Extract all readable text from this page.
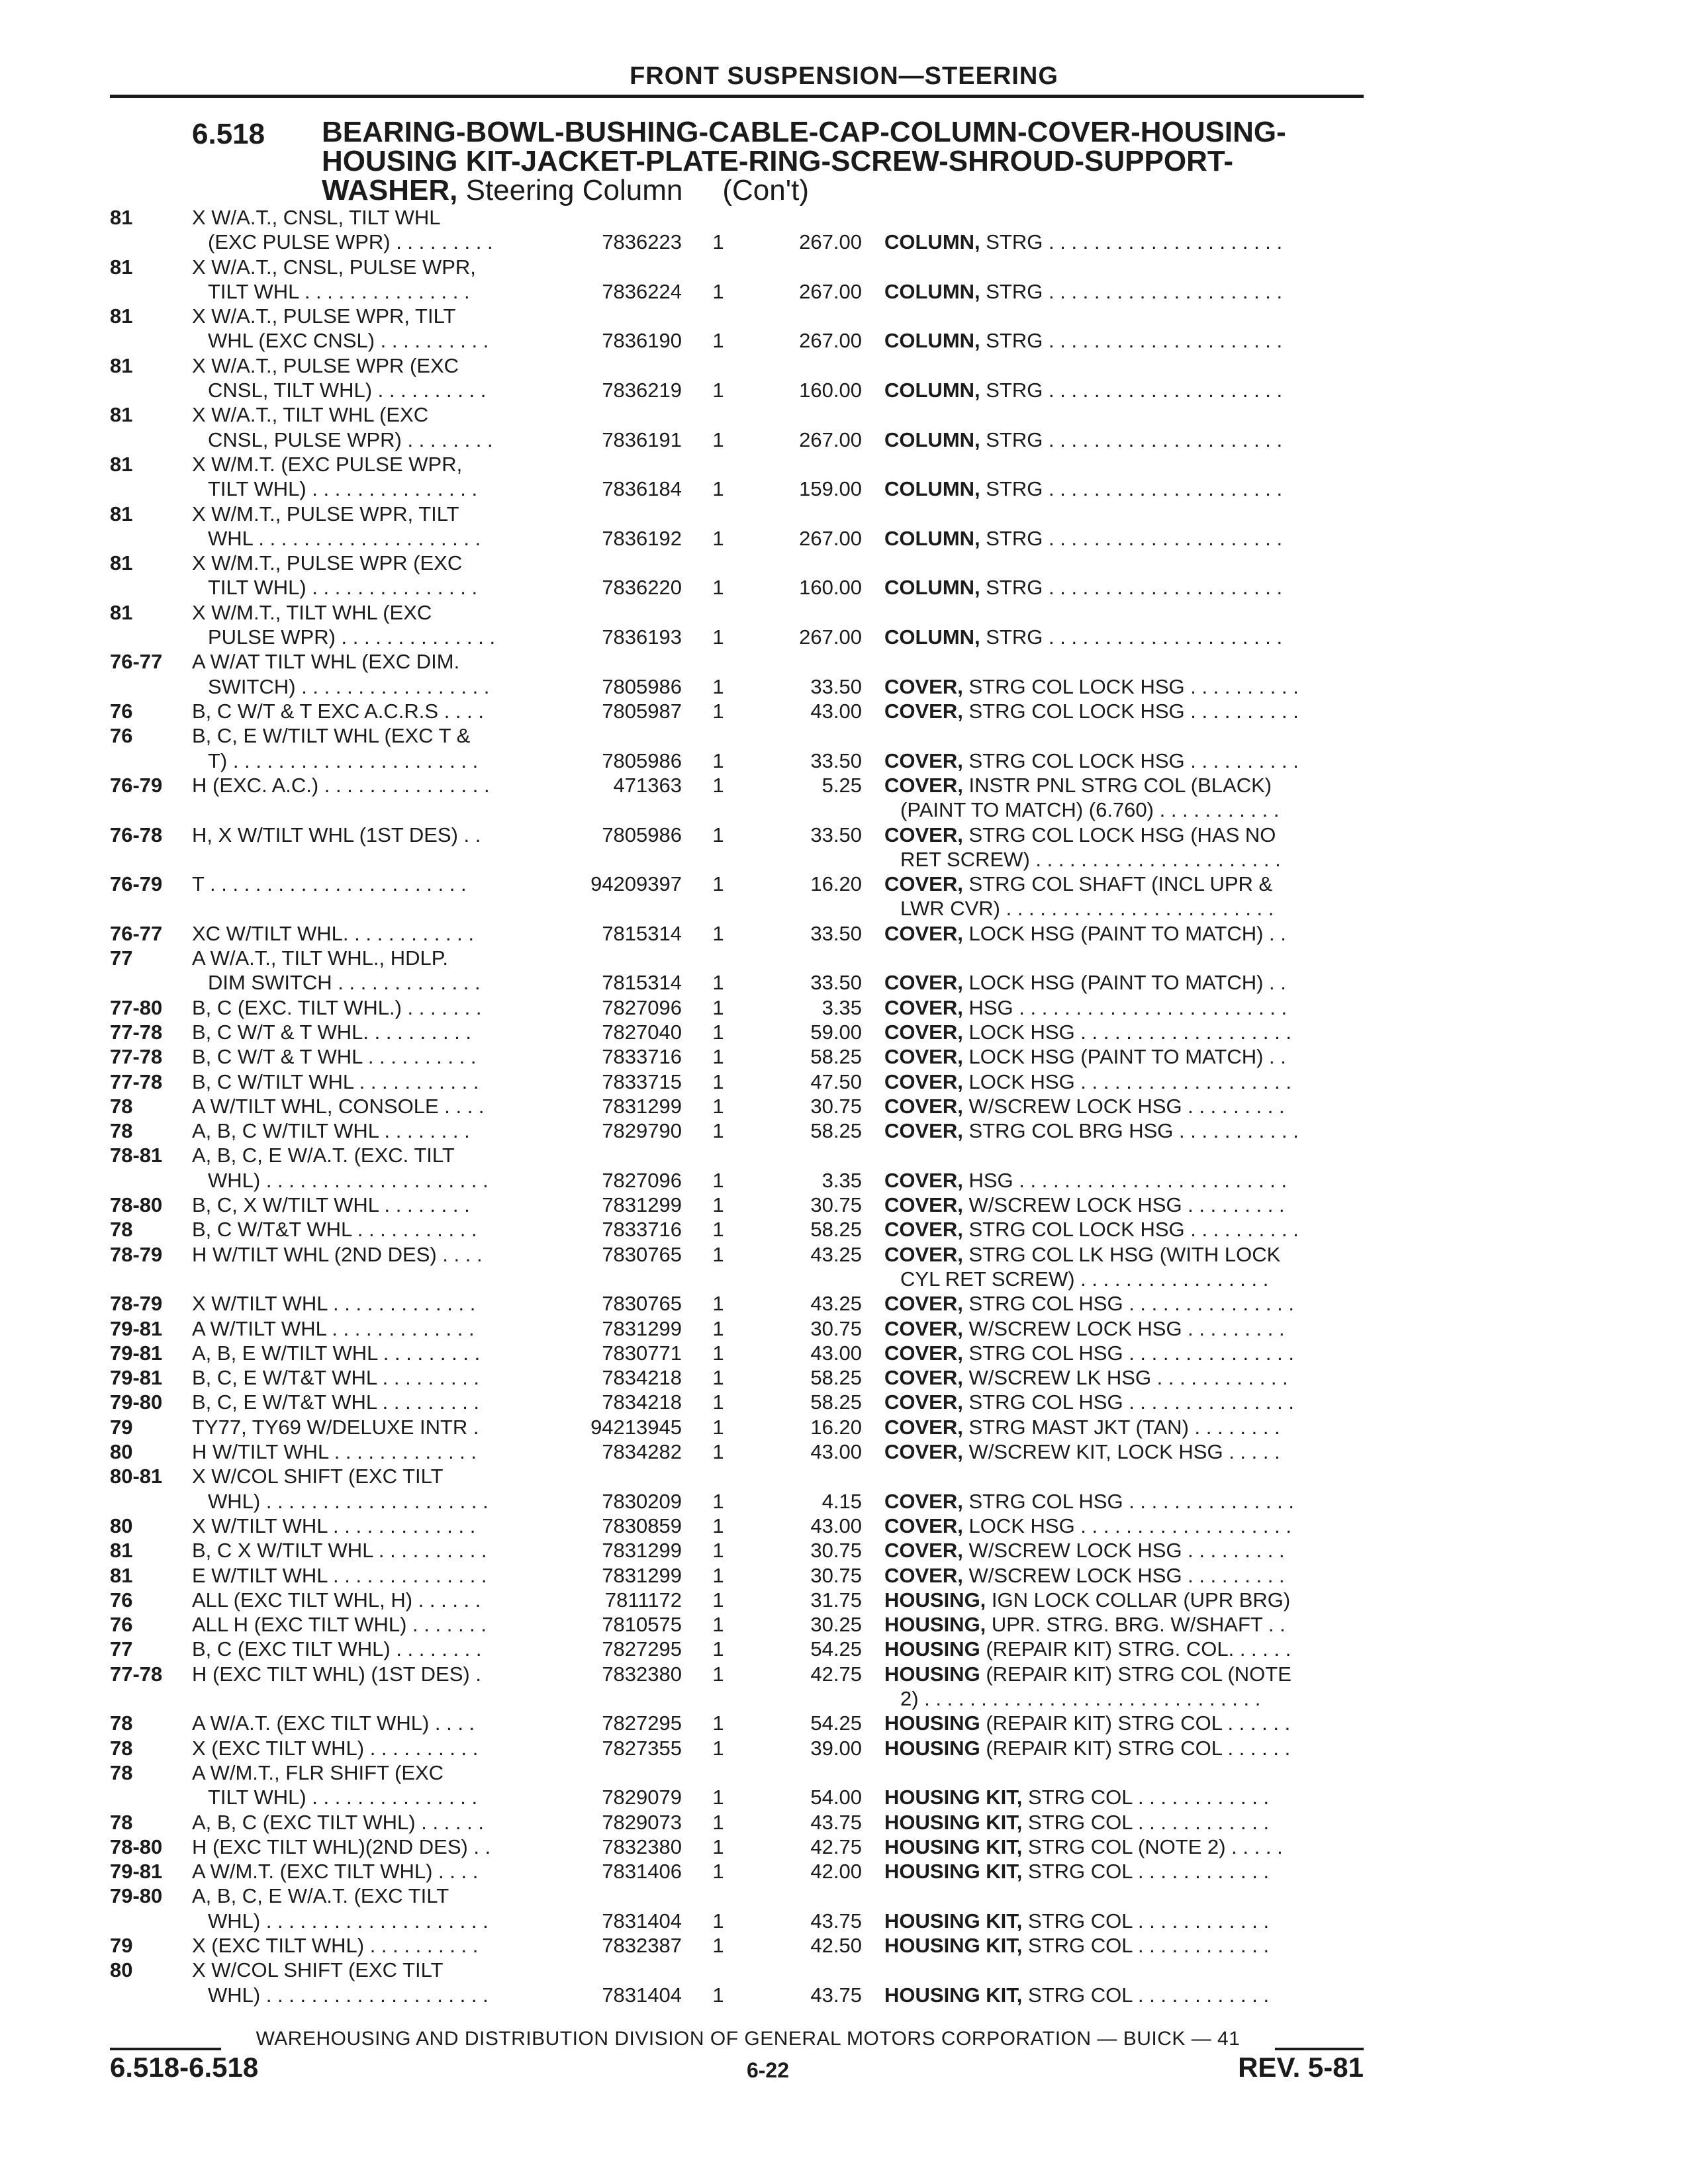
FRONT SUSPENSION—STEERING
6.518 BEARING-BOWL-BUSHING-CABLE-CAP-COLUMN-COVER-HOUSING-
HOUSING KIT-JACKET-PLATE-RING-SCREW-SHROUD-SUPPORT-
WASHER, Steering Column (Con't)
81	X W/A.T., CNSL, TILT WHL
(EXC PULSE WPR) . . . . . . . . .	7836223 1	267.00 COLUMN, STRG . . . . . . . . . . . . . . . . . . . . .
81	X W/A.T., CNSL, PULSE WPR,
TILT WHL . . . . . . . . . . . . . . .	7836224 1	267.00 COLUMN, STRG . . . . . . . . . . . . . . . . . . . . .
81	X W/A.T., PULSE WPR, TILT
WHL (EXC CNSL) . . . . . . . . . .	7836190 1	267.00 COLUMN, STRG . . . . . . . . . . . . . . . . . . . . .
81	X W/A.T., PULSE WPR (EXC
CNSL, TILT WHL) . . . . . . . . . .	7836219 1	160.00 COLUMN, STRG . . . . . . . . . . . . . . . . . . . . .
81	X W/A.T., TILT WHL (EXC
CNSL, PULSE WPR) . . . . . . . .	7836191 1	267.00 COLUMN, STRG . . . . . . . . . . . . . . . . . . . . .
81	X W/M.T. (EXC PULSE WPR,
TILT WHL) . . . . . . . . . . . . . . .	7836184 1	159.00 COLUMN, STRG . . . . . . . . . . . . . . . . . . . . .
81	X W/M.T., PULSE WPR, TILT
WHL . . . . . . . . . . . . . . . . . . . .	7836192 1	267.00 COLUMN, STRG . . . . . . . . . . . . . . . . . . . . .
81	X W/M.T., PULSE WPR (EXC
TILT WHL) . . . . . . . . . . . . . . .	7836220 1	160.00 COLUMN, STRG . . . . . . . . . . . . . . . . . . . . .
81	X W/M.T., TILT WHL (EXC
PULSE WPR) . . . . . . . . . . . . . .	7836193 1	267.00 COLUMN, STRG . . . . . . . . . . . . . . . . . . . . .
76-77	A W/AT TILT WHL (EXC DIM.
SWITCH) . . . . . . . . . . . . . . . . .	7805986 1	33.50 COVER, STRG COL LOCK HSG . . . . . . . . . .
76	B, C W/T & T EXC A.C.R.S . . . .	7805987 1	43.00 COVER, STRG COL LOCK HSG . . . . . . . . . .
76	B, C, E W/TILT WHL (EXC T &
T) . . . . . . . . . . . . . . . . . . . . . .	7805986 1	33.50 COVER, STRG COL LOCK HSG . . . . . . . . . .
76-79	H (EXC. A.C.) . . . . . . . . . . . . . . .	471363 1	5.25 COVER, INSTR PNL STRG COL (BLACK)
(PAINT TO MATCH) (6.760) . . . . . . . . . . .
76-78	H, X W/TILT WHL (1ST DES) . .	7805986 1	33.50 COVER, STRG COL LOCK HSG (HAS NO
RET SCREW) . . . . . . . . . . . . . . . . . . . . . .
76-79	T . . . . . . . . . . . . . . . . . . . . . . .	94209397 1	16.20 COVER, STRG COL SHAFT (INCL UPR &
LWR CVR) . . . . . . . . . . . . . . . . . . . . . . . .
76-77	XC W/TILT WHL. . . . . . . . . . . .	7815314 1	33.50 COVER, LOCK HSG (PAINT TO MATCH) . .
77	A W/A.T., TILT WHL., HDLP.
DIM SWITCH . . . . . . . . . . . . .	7815314 1	33.50 COVER, LOCK HSG (PAINT TO MATCH) . .
77-80	B, C (EXC. TILT WHL.) . . . . . . .	7827096 1	3.35 COVER, HSG . . . . . . . . . . . . . . . . . . . . . . . .
77-78	B, C W/T & T WHL. . . . . . . . . .	7827040 1	59.00 COVER, LOCK HSG . . . . . . . . . . . . . . . . . . .
77-78	B, C W/T & T WHL . . . . . . . . . .	7833716 1	58.25 COVER, LOCK HSG (PAINT TO MATCH) . .
77-78	B, C W/TILT WHL . . . . . . . . . . .	7833715 1	47.50 COVER, LOCK HSG . . . . . . . . . . . . . . . . . . .
78	A W/TILT WHL, CONSOLE . . . .	7831299 1	30.75 COVER, W/SCREW LOCK HSG . . . . . . . . .
78	A, B, C W/TILT WHL . . . . . . . .	7829790 1	58.25 COVER, STRG COL BRG HSG . . . . . . . . . . .
78-81	A, B, C, E W/A.T. (EXC. TILT
WHL) . . . . . . . . . . . . . . . . . . . .	7827096 1	3.35 COVER, HSG . . . . . . . . . . . . . . . . . . . . . . . .
78-80	B, C, X W/TILT WHL . . . . . . . .	7831299 1	30.75 COVER, W/SCREW LOCK HSG . . . . . . . . .
78	B, C W/T&T WHL . . . . . . . . . . .	7833716 1	58.25 COVER, STRG COL LOCK HSG . . . . . . . . . .
78-79	H W/TILT WHL (2ND DES) . . . .	7830765 1	43.25 COVER, STRG COL LK HSG (WITH LOCK
CYL RET SCREW) . . . . . . . . . . . . . . . . .
78-79	X W/TILT WHL . . . . . . . . . . . . .	7830765 1	43.25 COVER, STRG COL HSG . . . . . . . . . . . . . . .
79-81	A W/TILT WHL . . . . . . . . . . . . .	7831299 1	30.75 COVER, W/SCREW LOCK HSG . . . . . . . . .
79-81	A, B, E W/TILT WHL . . . . . . . . .	7830771 1	43.00 COVER, STRG COL HSG . . . . . . . . . . . . . . .
79-81	B, C, E W/T&T WHL . . . . . . . . .	7834218 1	58.25 COVER, W/SCREW LK HSG . . . . . . . . . . . .
79-80	B, C, E W/T&T WHL . . . . . . . . .	7834218 1	58.25 COVER, STRG COL HSG . . . . . . . . . . . . . . .
79	TY77, TY69 W/DELUXE INTR .	94213945 1	16.20 COVER, STRG MAST JKT (TAN) . . . . . . . .
80	H W/TILT WHL . . . . . . . . . . . . .	7834282 1	43.00 COVER, W/SCREW KIT, LOCK HSG . . . . .
80-81	X W/COL SHIFT (EXC TILT
WHL) . . . . . . . . . . . . . . . . . . . .	7830209 1	4.15 COVER, STRG COL HSG . . . . . . . . . . . . . . .
80	X W/TILT WHL . . . . . . . . . . . . .	7830859 1	43.00 COVER, LOCK HSG . . . . . . . . . . . . . . . . . . .
81	B, C X W/TILT WHL . . . . . . . . . .	7831299 1	30.75 COVER, W/SCREW LOCK HSG . . . . . . . . .
81	E W/TILT WHL . . . . . . . . . . . . . .	7831299 1	30.75 COVER, W/SCREW LOCK HSG . . . . . . . . .
76	ALL (EXC TILT WHL, H) . . . . . .	7811172 1	31.75 HOUSING, IGN LOCK COLLAR (UPR BRG)
76	ALL H (EXC TILT WHL) . . . . . . .	7810575 1	30.25 HOUSING, UPR. STRG. BRG. W/SHAFT . .
77	B, C (EXC TILT WHL) . . . . . . . .	7827295 1	54.25 HOUSING (REPAIR KIT) STRG. COL. . . . . .
77-78	H (EXC TILT WHL) (1ST DES) .	7832380 1	42.75 HOUSING (REPAIR KIT) STRG COL (NOTE
2) . . . . . . . . . . . . . . . . . . . . . . . . . . . . . .
78	A W/A.T. (EXC TILT WHL) . . . .	7827295 1	54.25 HOUSING (REPAIR KIT) STRG COL . . . . . .
78	X (EXC TILT WHL) . . . . . . . . . .	7827355 1	39.00 HOUSING (REPAIR KIT) STRG COL . . . . . .
78	A W/M.T., FLR SHIFT (EXC
TILT WHL) . . . . . . . . . . . . . . .	7829079 1	54.00 HOUSING KIT, STRG COL . . . . . . . . . . . .
78	A, B, C (EXC TILT WHL) . . . . . .	7829073 1	43.75 HOUSING KIT, STRG COL . . . . . . . . . . . .
78-80	H (EXC TILT WHL)(2ND DES) . .	7832380 1	42.75 HOUSING KIT, STRG COL (NOTE 2) . . . . .
79-81	A W/M.T. (EXC TILT WHL) . . . .	7831406 1	42.00 HOUSING KIT, STRG COL . . . . . . . . . . . .
79-80	A, B, C, E W/A.T. (EXC TILT
WHL) . . . . . . . . . . . . . . . . . . . .	7831404 1	43.75 HOUSING KIT, STRG COL . . . . . . . . . . . .
79	X (EXC TILT WHL) . . . . . . . . . .	7832387 1	42.50 HOUSING KIT, STRG COL . . . . . . . . . . . .
80	X W/COL SHIFT (EXC TILT
WHL) . . . . . . . . . . . . . . . . . . . .	7831404 1	43.75 HOUSING KIT, STRG COL . . . . . . . . . . . .
WAREHOUSING AND DISTRIBUTION DIVISION OF GENERAL MOTORS CORPORATION — BUICK — 41
6.518-6.518	6-22	REV. 5-81
